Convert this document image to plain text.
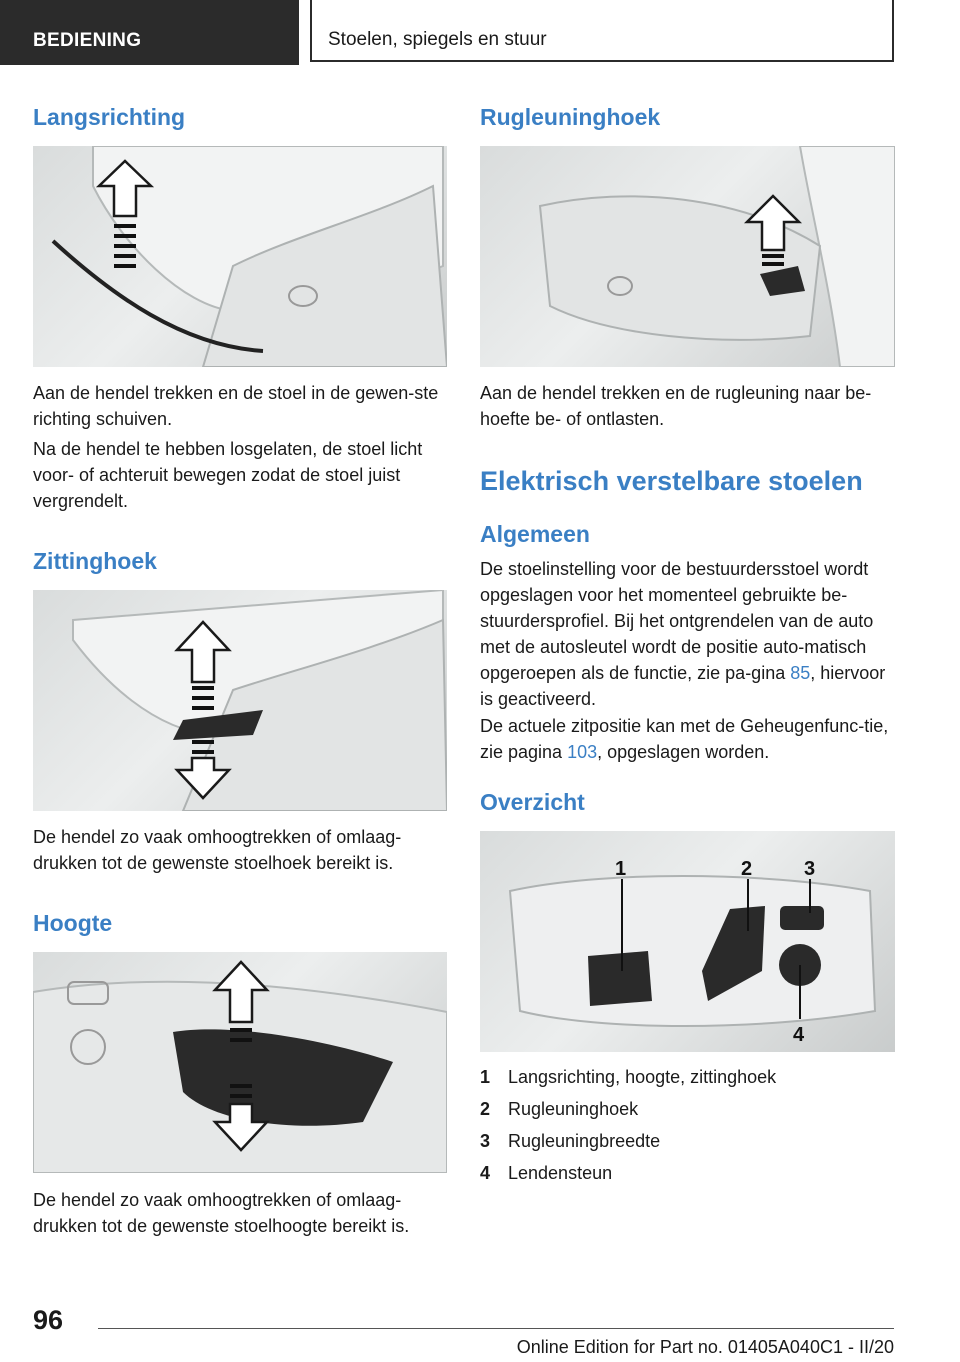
BEDIENING	Stoelen, spiegels en stuur
Langsrichting

Aan de hendel trekken en de stoel in de gewen-ste richting schuiven.

Na de hendel te hebben losgelaten, de stoel licht voor- of achteruit bewegen zodat de stoel juist vergrendelt.

Zittinghoek

De hendel zo vaak omhoogtrekken of omlaag-drukken tot de gewenste stoelhoek bereikt is.

Hoogte

De hendel zo vaak omhoogtrekken of omlaag-drukken tot de gewenste stoelhoogte bereikt is.

Rugleuninghoek

Aan de hendel trekken en de rugleuning naar be-hoefte be- of ontlasten.

Elektrisch verstelbare stoelen
Algemeen

De stoelinstelling voor de bestuurdersstoel wordt opgeslagen voor het momenteel gebruikte be-stuurdersprofiel. Bij het ontgrendelen van de auto met de autosleutel wordt de positie auto-matisch opgeroepen als de functie, zie pa-gina 85, hiervoor is geactiveerd.

De actuele zitpositie kan met de Geheugenfunc-tie, zie pagina 103, opgeslagen worden.

Overzicht
1	2	3
4
1 Langsrichting, hoogte, zittinghoek
2 Rugleuninghoek
3 Rugleuningbreedte
4 Lendensteun
96
Online Edition for Part no. 01405A040C1 - II/20
